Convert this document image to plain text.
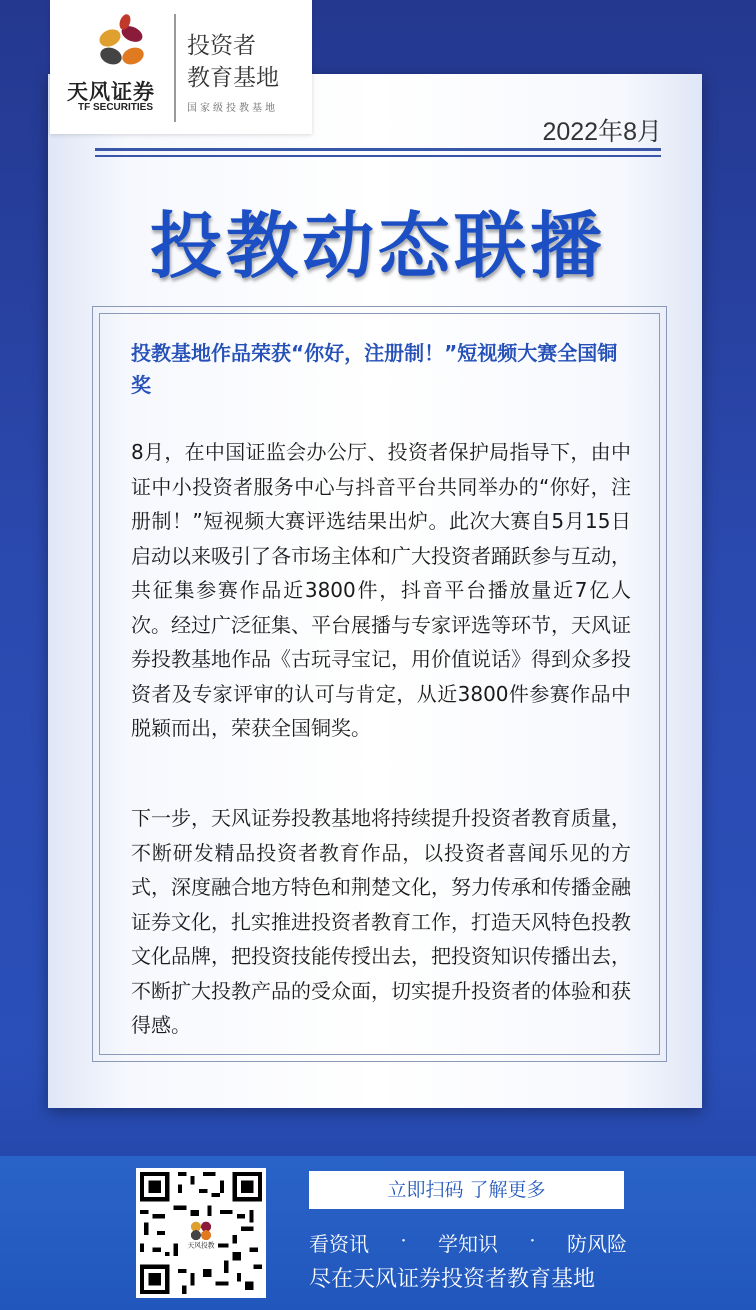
天风证券
TF SECURITIES
投资者
教育基地
国家级投教基地
2022年8月
投教动态联播
投教基地作品荣获“你好，注册制！”短视频大赛全国铜奖
8月，在中国证监会办公厅、投资者保护局指导下，由中证中小投资者服务中心与抖音平台共同举办的“你好，注册制！”短视频大赛评选结果出炉。此次大赛自5月15日启动以来吸引了各市场主体和广大投资者踊跃参与互动，共征集参赛作品近3800件，抖音平台播放量近7亿人次。经过广泛征集、平台展播与专家评选等环节，天风证券投教基地作品《古玩寻宝记，用价值说话》得到众多投资者及专家评审的认可与肯定，从近3800件参赛作品中脱颖而出，荣获全国铜奖。
下一步，天风证券投教基地将持续提升投资者教育质量，不断研发精品投资者教育作品，以投资者喜闻乐见的方式，深度融合地方特色和荆楚文化，努力传承和传播金融证券文化，扎实推进投资者教育工作，打造天风特色投教文化品牌，把投资技能传授出去，把投资知识传播出去，不断扩大投教产品的受众面，切实提升投资者的体验和获得感。
天风投教
立即扫码 了解更多
看资讯 · 学知识 · 防风险
尽在天风证券投资者教育基地
